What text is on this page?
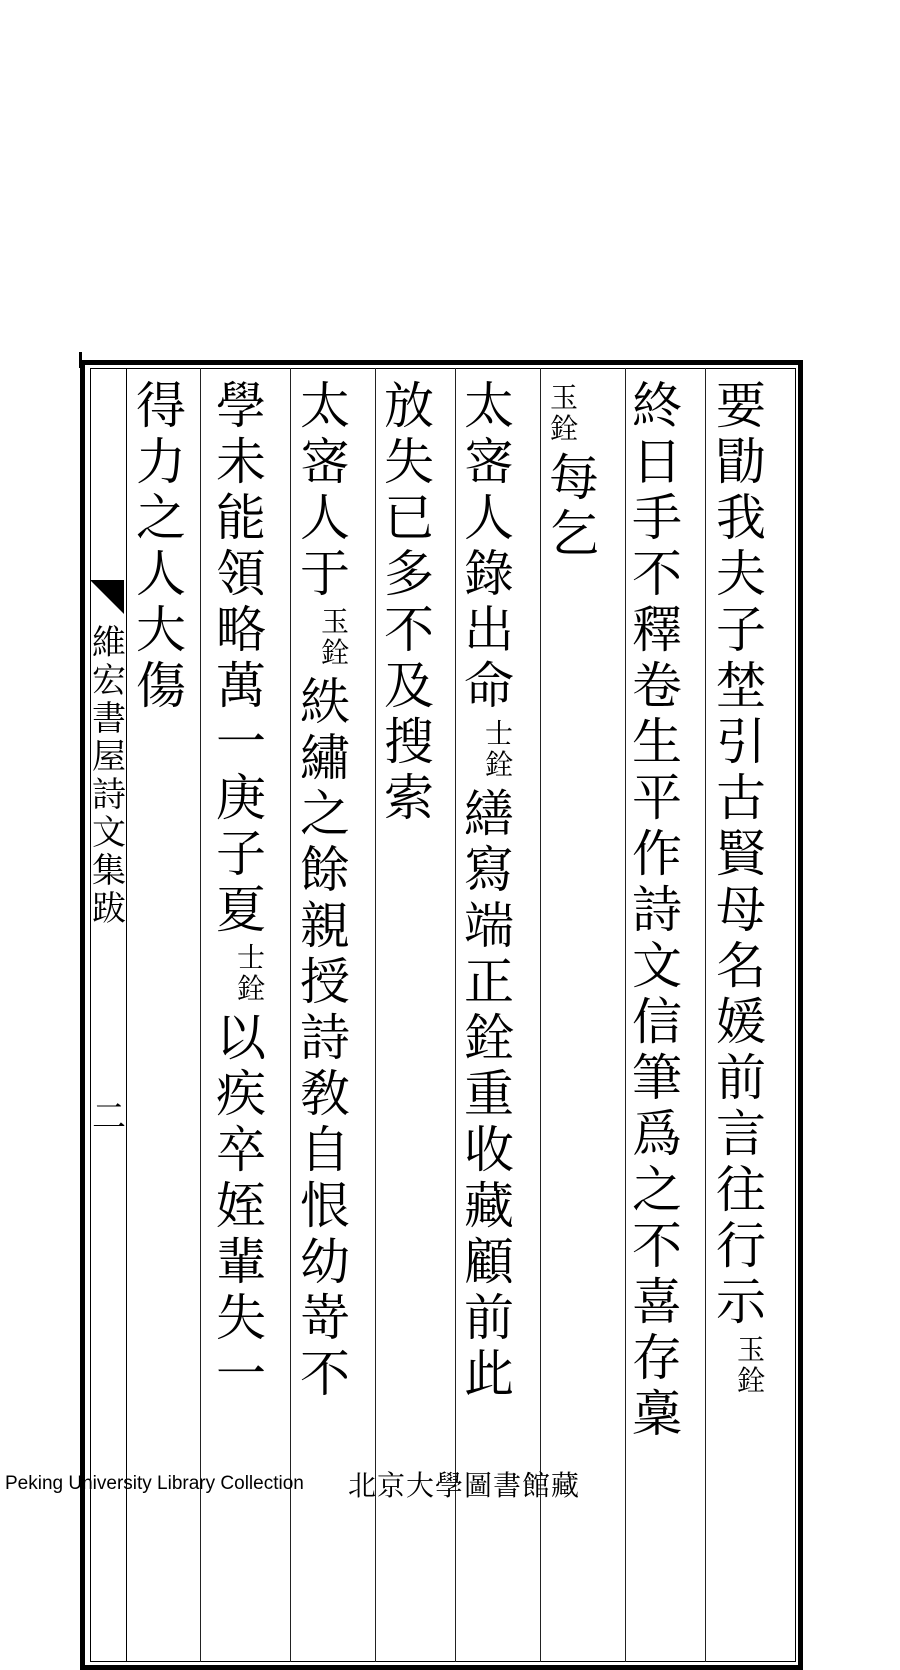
維
宏
書
屋
詩
文
集
跋
二
要
勖
我
夫
子
埜
引
古
賢
母
名
媛
前
言
往
行
示
玉
銓
終
日
手
不
釋
卷
生
平
作
詩
文
信
筆
爲
之
不
喜
存
稾
玉
銓
每
乞
太
宻
人
錄
出
命
士
銓
繕
寫
端
正
銓
重
收
藏
顧
前
此
放
失
已
多
不
及
搜
索
太
宻
人
于
玉
銓
紩
繡
之
餘
親
授
詩
敎
自
恨
幼
嵜
不
學
未
能
領
略
萬
一
庚
子
夏
士
銓
以
疾
卒
姪
輩
失
一
得
力
之
人
大
傷
Peking University Library Collection 北京大學圖書館藏
